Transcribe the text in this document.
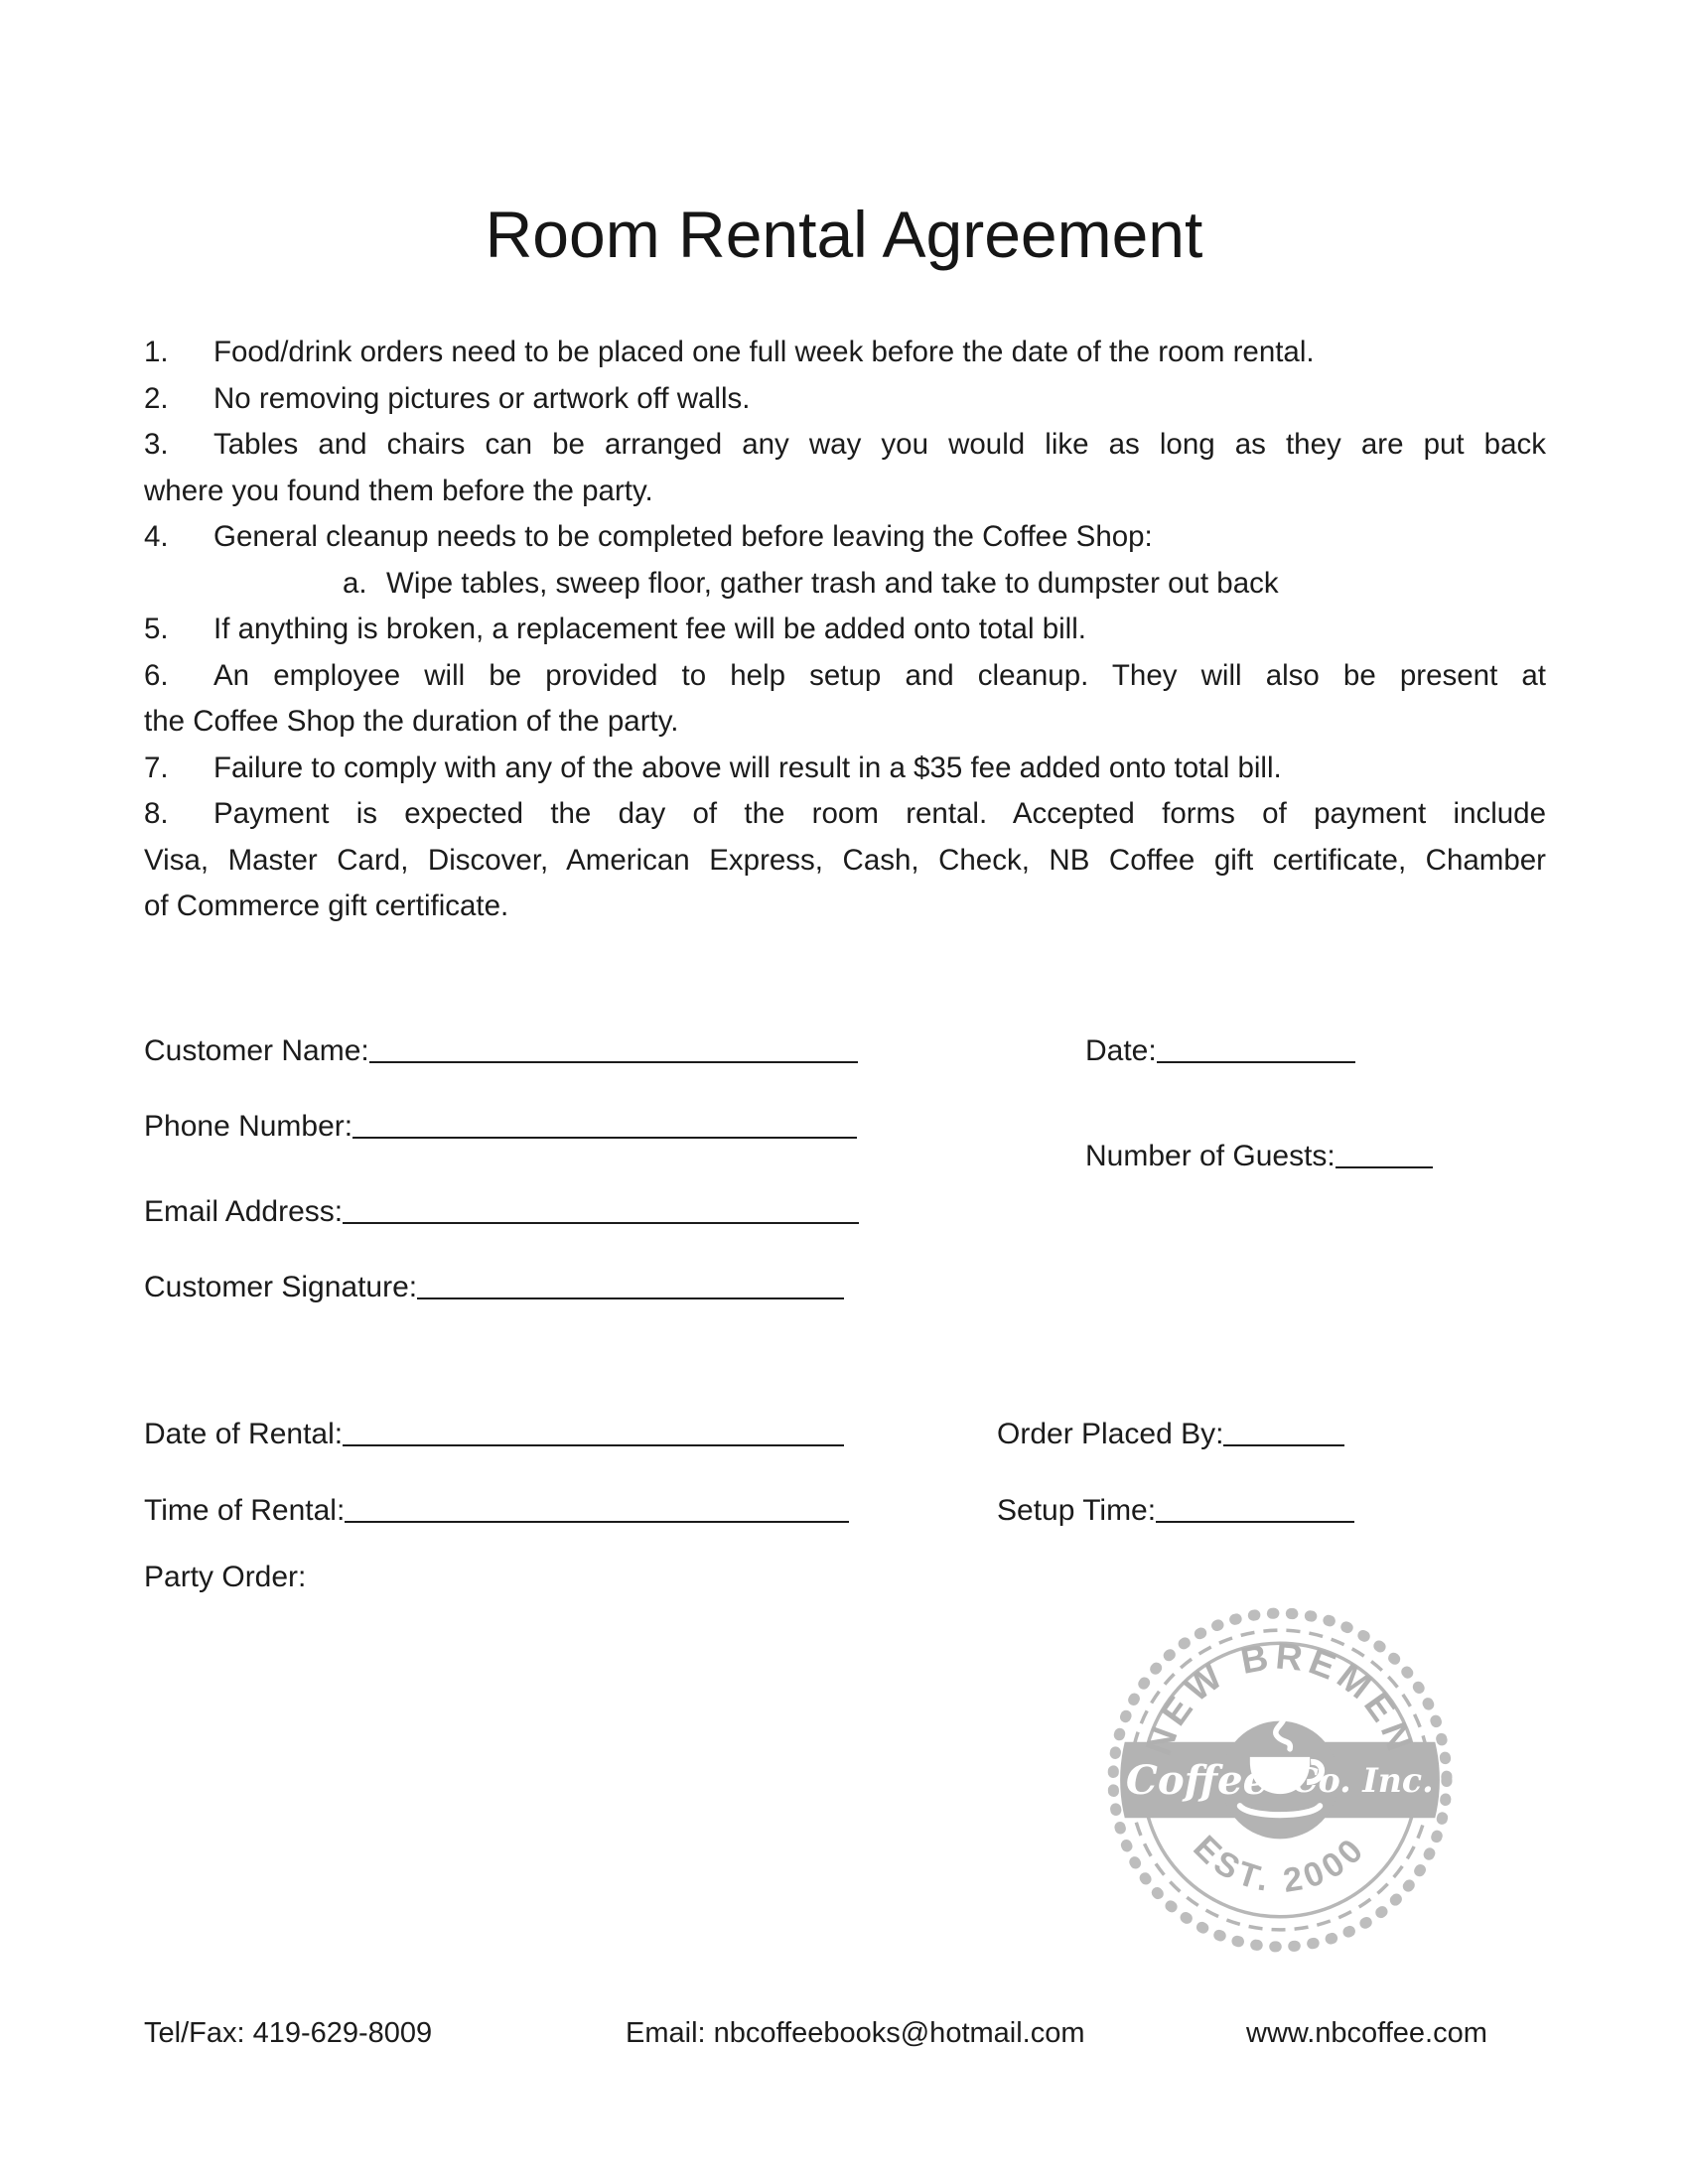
Room Rental Agreement
1. Food/drink orders need to be placed one full week before the date of the room rental.
2. No removing pictures or artwork off walls.
3. Tables and chairs can be arranged any way you would like as long as they are put back
where you found them before the party.
4. General cleanup needs to be completed before leaving the Coffee Shop:
a. Wipe tables, sweep floor, gather trash and take to dumpster out back
5. If anything is broken, a replacement fee will be added onto total bill.
6. An employee will be provided to help setup and cleanup. They will also be present at
the Coffee Shop the duration of the party.
7. Failure to comply with any of the above will result in a $35 fee added onto total bill.
8. Payment is expected the day of the room rental. Accepted forms of payment include
Visa, Master Card, Discover, American Express, Cash, Check, NB Coffee gift certificate, Chamber
of Commerce gift certificate.
Customer Name:	Date:
Phone Number:
Number of Guests:
Email Address:
Customer Signature:
Date of Rental:	Order Placed By:
Time of Rental:	Setup Time:
Party Order:
NEW BREMEN
EST. 2000
Coffee Co. Inc.
Tel/Fax: 419-629-8009	Email: nbcoffeebooks@hotmail.com	www.nbcoffee.com
